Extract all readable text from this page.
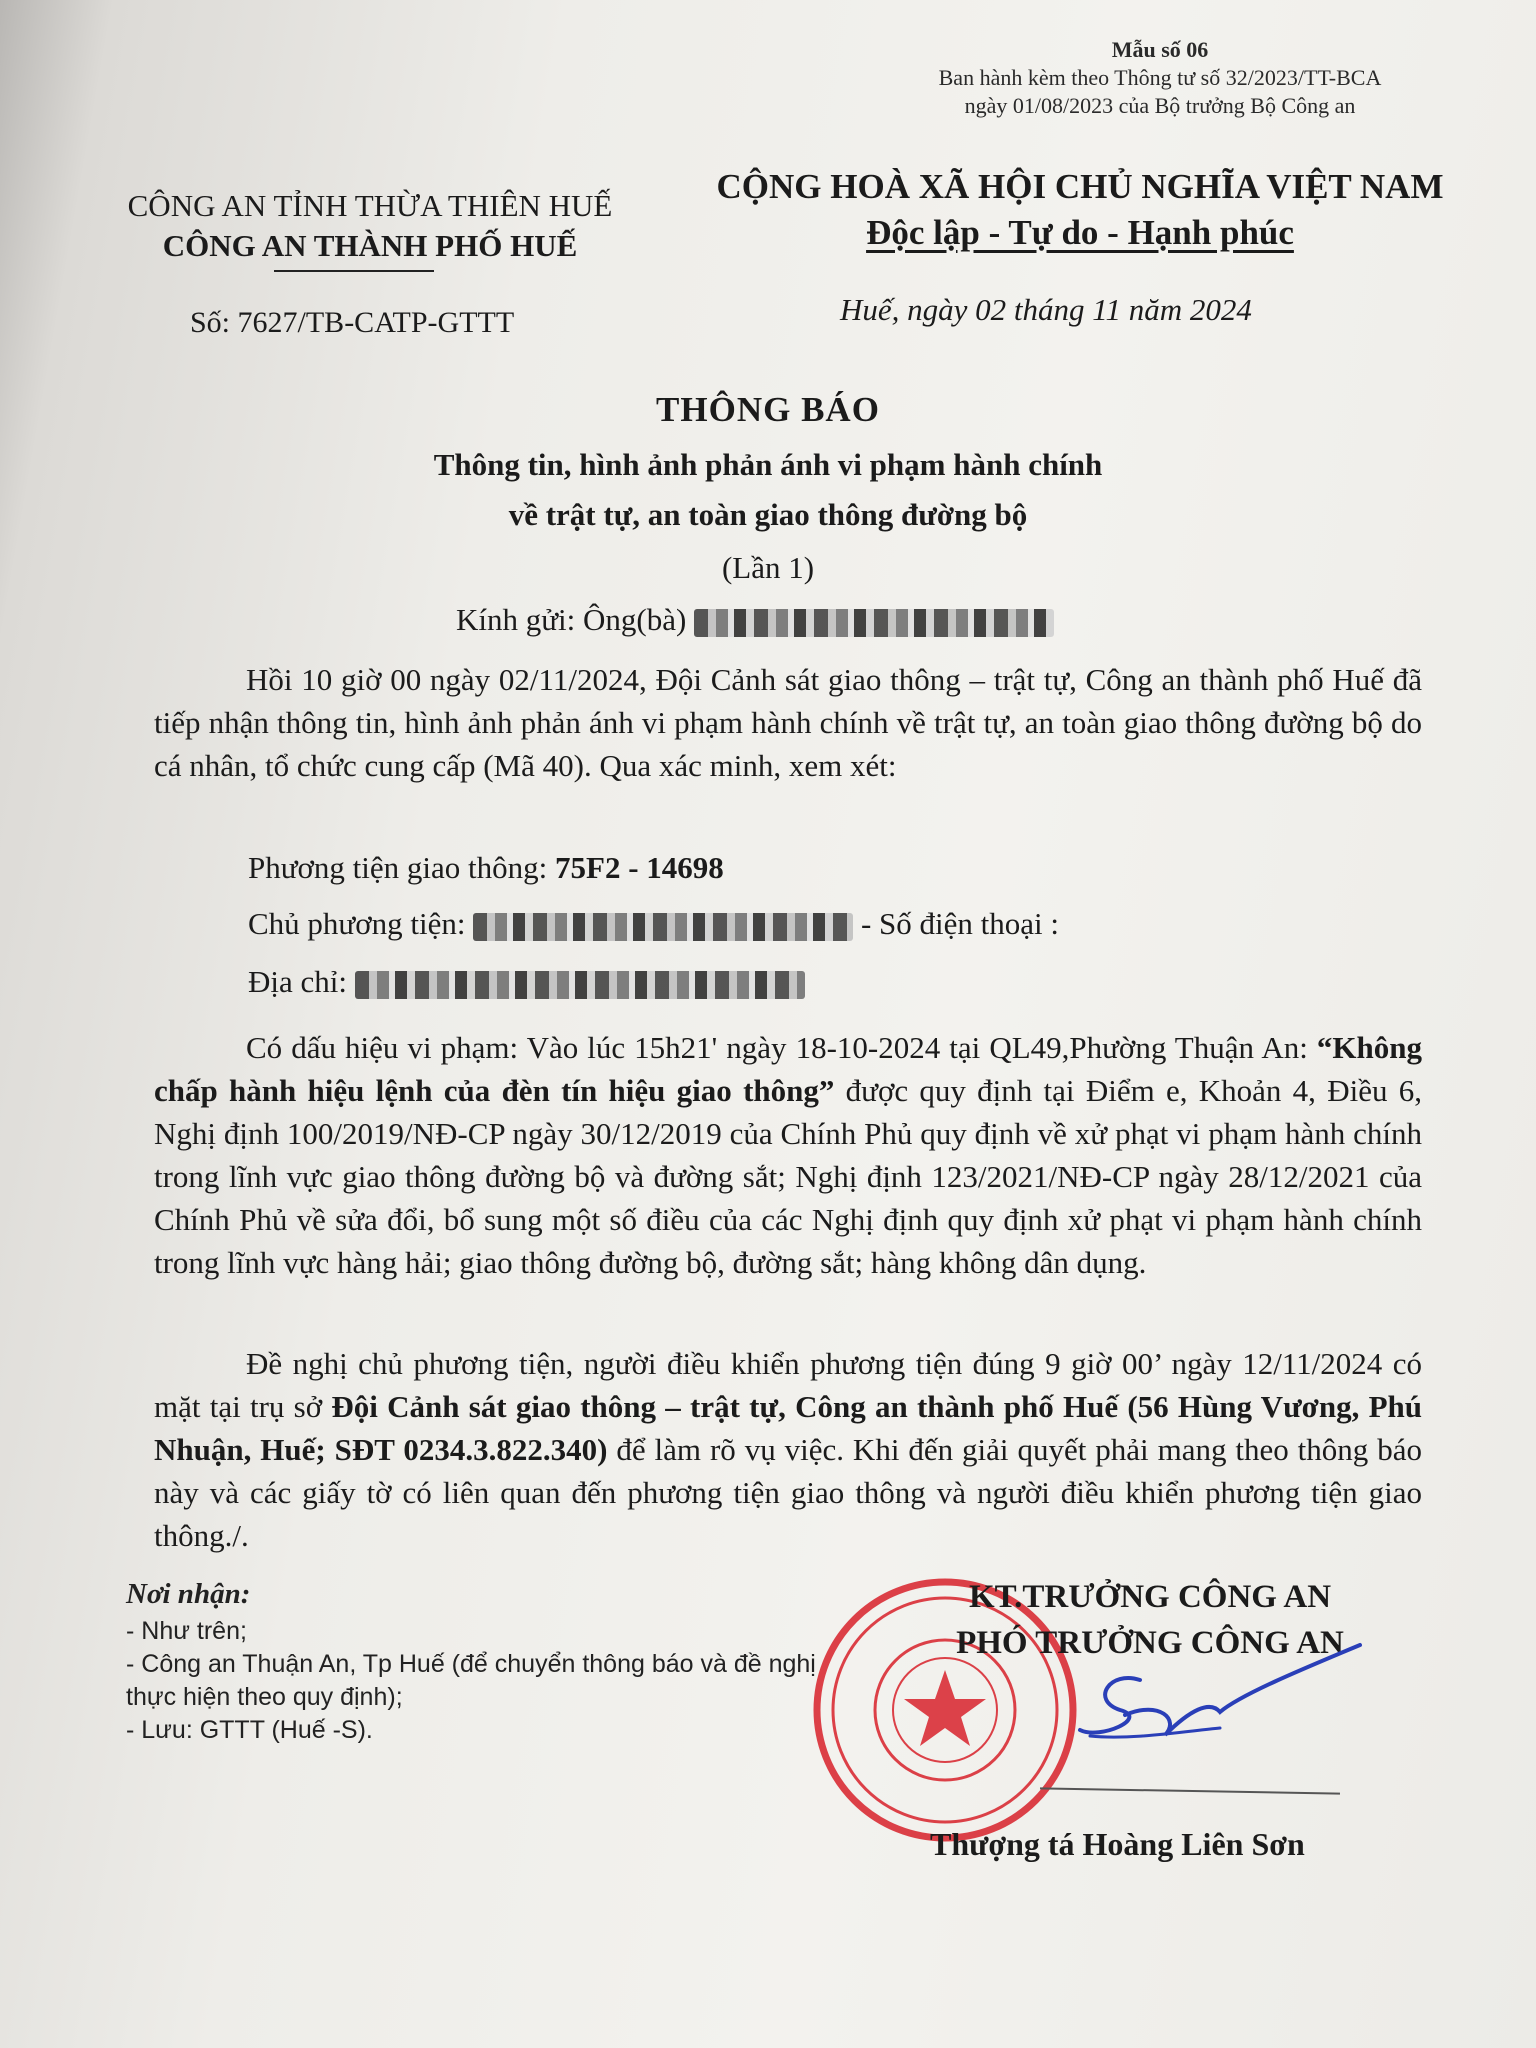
Mẫu số 06
Ban hành kèm theo Thông tư số 32/2023/TT-BCA
ngày 01/08/2023 của Bộ trưởng Bộ Công an
CÔNG AN TỈNH THỪA THIÊN HUẾ
CÔNG AN THÀNH PHỐ HUẾ
Số: 7627/TB-CATP-GTTT
CỘNG HOÀ XÃ HỘI CHỦ NGHĨA VIỆT NAM
Độc lập - Tự do - Hạnh phúc
Huế, ngày 02 tháng 11 năm 2024
THÔNG BÁO
Thông tin, hình ảnh phản ánh vi phạm hành chính
về trật tự, an toàn giao thông đường bộ
(Lần 1)
Kính gửi: Ông(bà)

Hồi 10 giờ 00 ngày 02/11/2024, Đội Cảnh sát giao thông – trật tự, Công an thành phố Huế đã tiếp nhận thông tin, hình ảnh phản ánh vi phạm hành chính về trật tự, an toàn giao thông đường bộ do cá nhân, tổ chức cung cấp (Mã 40). Qua xác minh, xem xét:

Phương tiện giao thông: 75F2 - 14698
Chủ phương tiện:	- Số điện thoại :
Địa chỉ:

Có dấu hiệu vi phạm: Vào lúc 15h21' ngày 18-10-2024 tại QL49,Phường Thuận An: “Không chấp hành hiệu lệnh của đèn tín hiệu giao thông” được quy định tại Điểm e, Khoản 4, Điều 6, Nghị định 100/2019/NĐ-CP ngày 30/12/2019 của Chính Phủ quy định về xử phạt vi phạm hành chính trong lĩnh vực giao thông đường bộ và đường sắt; Nghị định 123/2021/NĐ-CP ngày 28/12/2021 của Chính Phủ về sửa đổi, bổ sung một số điều của các Nghị định quy định xử phạt vi phạm hành chính trong lĩnh vực hàng hải; giao thông đường bộ, đường sắt; hàng không dân dụng.

Đề nghị chủ phương tiện, người điều khiển phương tiện đúng 9 giờ 00’ ngày 12/11/2024 có mặt tại trụ sở Đội Cảnh sát giao thông – trật tự, Công an thành phố Huế (56 Hùng Vương, Phú Nhuận, Huế; SĐT 0234.3.822.340) để làm rõ vụ việc. Khi đến giải quyết phải mang theo thông báo này và các giấy tờ có liên quan đến phương tiện giao thông và người điều khiển phương tiện giao thông./.

Nơi nhận:
- Như trên;
- Công an Thuận An, Tp Huế (để chuyển thông báo và đề nghị thực hiện theo quy định);
- Lưu: GTTT (Huế -S).
KT.TRƯỞNG CÔNG AN
PHÓ TRƯỞNG CÔNG AN
Thượng tá Hoàng Liên Sơn
